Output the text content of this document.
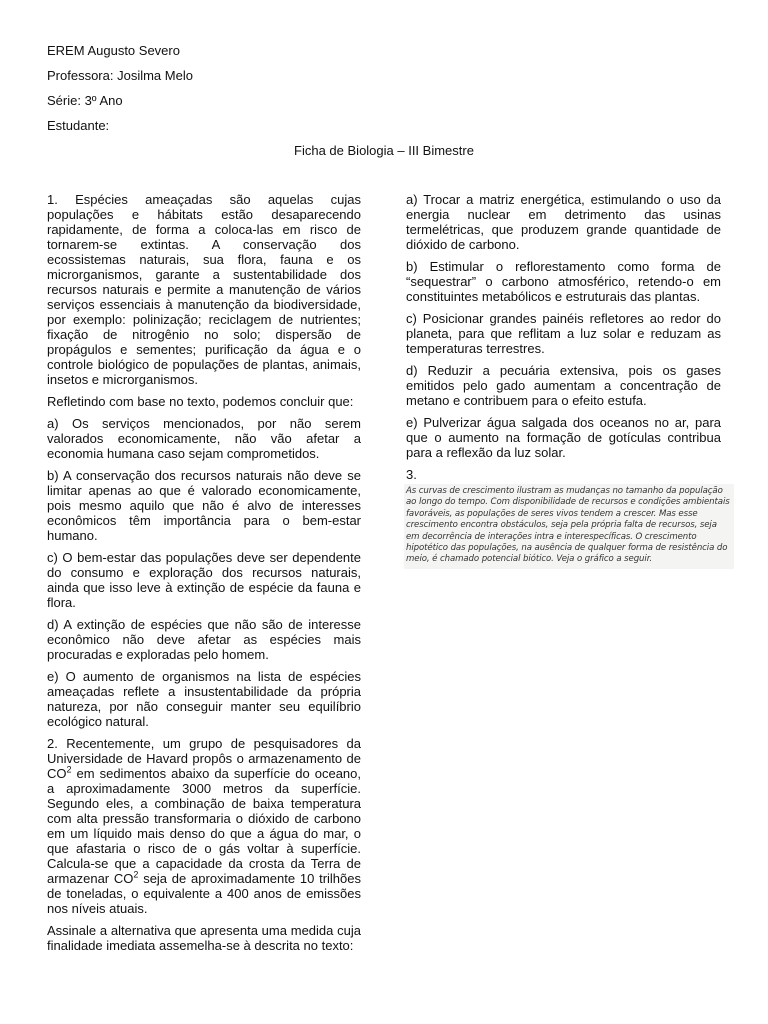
EREM Augusto Severo
Professora: Josilma Melo
Série: 3º Ano
Estudante:
Ficha de Biologia – III Bimestre

1. Espécies ameaçadas são aquelas cujas populações e hábitats estão desaparecendo rapidamente, de forma a coloca-las em risco de tornarem-se extintas. A conservação dos ecossistemas naturais, sua flora, fauna e os microrganismos, garante a sustentabilidade dos recursos naturais e permite a manutenção de vários serviços essenciais à manutenção da biodiversidade, por exemplo: polinização; reciclagem de nutrientes; fixação de nitrogênio no solo; dispersão de propágulos e sementes; purificação da água e o controle biológico de populações de plantas, animais, insetos e microrganismos.

Refletindo com base no texto, podemos concluir que:

a) Os serviços mencionados, por não serem valorados economicamente, não vão afetar a economia humana caso sejam comprometidos.

b) A conservação dos recursos naturais não deve se limitar apenas ao que é valorado economicamente, pois mesmo aquilo que não é alvo de interesses econômicos têm importância para o bem-estar humano.

c) O bem-estar das populações deve ser dependente do consumo e exploração dos recursos naturais, ainda que isso leve à extinção de espécie da fauna e flora.

d) A extinção de espécies que não são de interesse econômico não deve afetar as espécies mais procuradas e exploradas pelo homem.

e) O aumento de organismos na lista de espécies ameaçadas reflete a insustentabilidade da própria natureza, por não conseguir manter seu equilíbrio ecológico natural.

2. Recentemente, um grupo de pesquisadores da Universidade de Havard propôs o armazenamento de $CO^2$ em sedimentos abaixo da superfície do oceano, a aproximadamente 3000 metros da superfície. Segundo eles, a combinação de baixa temperatura com alta pressão transformaria o dióxido de carbono em um líquido mais denso do que a água do mar, o que afastaria o risco de o gás voltar à superfície. Calcula-se que a capacidade da crosta da Terra de armazenar $CO^2$ seja de aproximadamente 10 trilhões de toneladas, o equivalente a 400 anos de emissões nos níveis atuais.

Assinale a alternativa que apresenta uma medida cuja finalidade imediata assemelha-se à descrita no texto:

a) Trocar a matriz energética, estimulando o uso da energia nuclear em detrimento das usinas termelétricas, que produzem grande quantidade de dióxido de carbono.

b) Estimular o reflorestamento como forma de “sequestrar” o carbono atmosférico, retendo-o em constituintes metabólicos e estruturais das plantas.

c) Posicionar grandes painéis refletores ao redor do planeta, para que reflitam a luz solar e reduzam as temperaturas terrestres.

d) Reduzir a pecuária extensiva, pois os gases emitidos pelo gado aumentam a concentração de metano e contribuem para o efeito estufa.

e) Pulverizar água salgada dos oceanos no ar, para que o aumento na formação de gotículas contribua para a reflexão da luz solar.

3.
As curvas de crescimento ilustram as mudanças no tamanho da população ao longo do tempo. Com disponibilidade de recursos e condições ambientais favoráveis, as populações de seres vivos tendem a crescer. Mas esse crescimento encontra obstáculos, seja pela própria falta de recursos, seja em decorrência de interações intra e interespecíficas. O crescimento hipotético das populações, na ausência de qualquer forma de resistência do meio, é chamado potencial biótico. Veja o gráfico a seguir.
